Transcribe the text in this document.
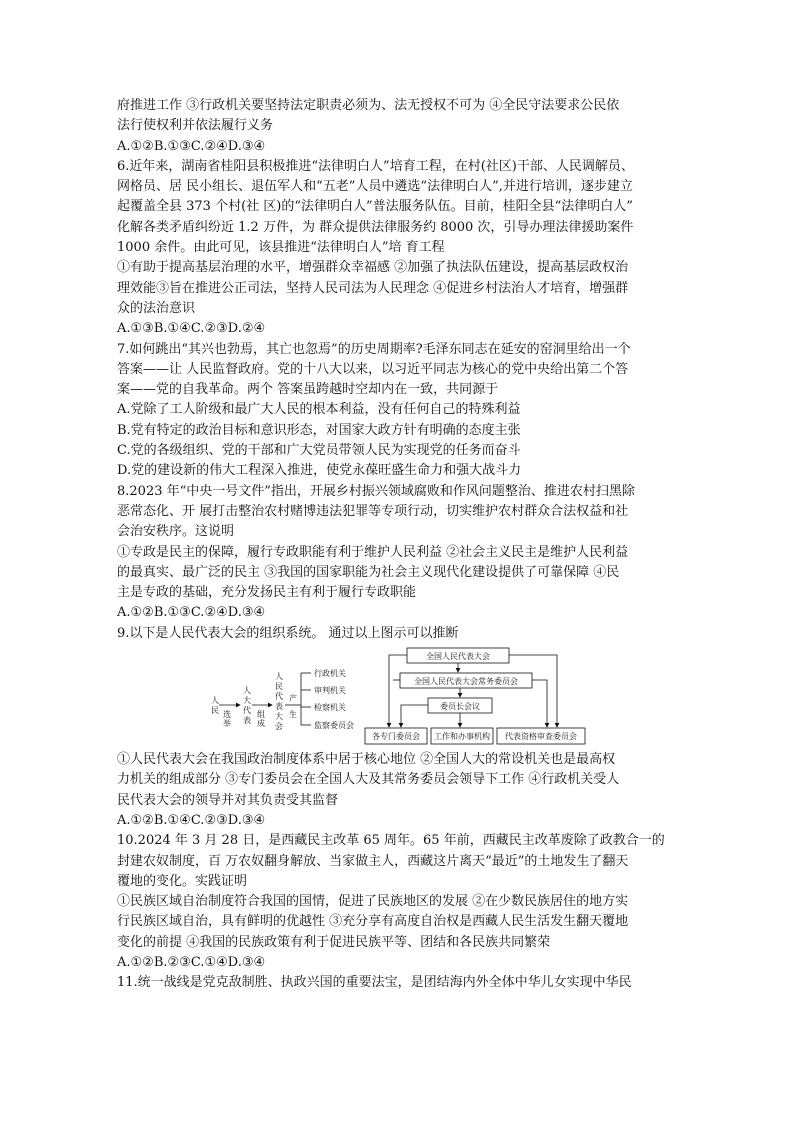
府推进工作 ③行政机关要坚持法定职责必须为、法无授权不可为 ④全民守法要求公民依
法行使权利并依法履行义务
A.①②B.①③C.②④D.③④
6.近年来，湖南省桂阳县积极推进“法律明白人”培育工程，在村(社区)干部、人民调解员、
网格员、居 民小组长、退伍军人和“五老”人员中遴选“法律明白人”,并进行培训，逐步建立
起覆盖全县 373 个村(社 区)的“法律明白人”普法服务队伍。目前，桂阳全县“法律明白人”
化解各类矛盾纠纷近 1.2 万件，为 群众提供法律服务约 8000 次，引导办理法律援助案件
1000 余件。由此可见，该县推进“法律明白人”培 育工程
①有助于提高基层治理的水平，增强群众幸福感 ②加强了执法队伍建设，提高基层政权治
理效能③旨在推进公正司法，坚持人民司法为人民理念 ④促进乡村法治人才培育，增强群
众的法治意识
A.①③B.①④C.②③D.②④
7.如何跳出“其兴也勃焉，其亡也忽焉”的历史周期率?毛泽东同志在延安的窑洞里给出一个
答案——让 人民监督政府。党的十八大以来，以习近平同志为核心的党中央给出第二个答
案——党的自我革命。两个 答案虽跨越时空却内在一致，共同源于
A.党除了工人阶级和最广大人民的根本利益，没有任何自己的特殊利益
B.党有特定的政治目标和意识形态，对国家大政方针有明确的态度主张
C.党的各级组织、党的干部和广大党员带领人民为实现党的任务而奋斗
D.党的建设新的伟大工程深入推进，使党永葆旺盛生命力和强大战斗力
8.2023 年“中央一号文件”指出，开展乡村振兴领域腐败和作风问题整治、推进农村扫黑除
恶常态化、开 展打击整治农村赌博违法犯罪等专项行动，切实维护农村群众合法权益和社
会治安秩序。这说明
①专政是民主的保障，履行专政职能有利于维护人民利益 ②社会主义民主是维护人民利益
的最真实、最广泛的民主 ③我国的国家职能为社会主义现代化建设提供了可靠保障 ④民
主是专政的基础，充分发扬民主有利于履行专政职能
A.①②B.①③C.②④D.③④
9.以下是人民代表大会的组织系统。 通过以上图示可以推断
人
民 选
举
人
大
代
表
组
成
人
民
代
表
大
会
产
生
行政机关
审判机关
检察机关
监察委员会
全国人民代表大会
全国人民代表大会常务委员会
委员长会议
各专门委员会 工作和办事机构 代表资格审查委员会
①人民代表大会在我国政治制度体系中居于核心地位 ②全国人大的常设机关也是最高权
力机关的组成部分 ③专门委员会在全国人大及其常务委员会领导下工作 ④行政机关受人
民代表大会的领导并对其负责受其监督
A.①②B.①④C.②③D.③④
10.2024 年 3 月 28 日，是西藏民主改革 65 周年。65 年前，西藏民主改革废除了政教合一的
封建农奴制度，百 万农奴翻身解放、当家做主人，西藏这片离天“最近”的土地发生了翻天
覆地的变化。实践证明
①民族区域自治制度符合我国的国情，促进了民族地区的发展 ②在少数民族居住的地方实
行民族区域自治，具有鲜明的优越性 ③充分享有高度自治权是西藏人民生活发生翻天覆地
变化的前提 ④我国的民族政策有利于促进民族平等、团结和各民族共同繁荣
A.①②B.②③C.①④D.③④
11.统一战线是党克敌制胜、执政兴国的重要法宝，是团结海内外全体中华儿女实现中华民
